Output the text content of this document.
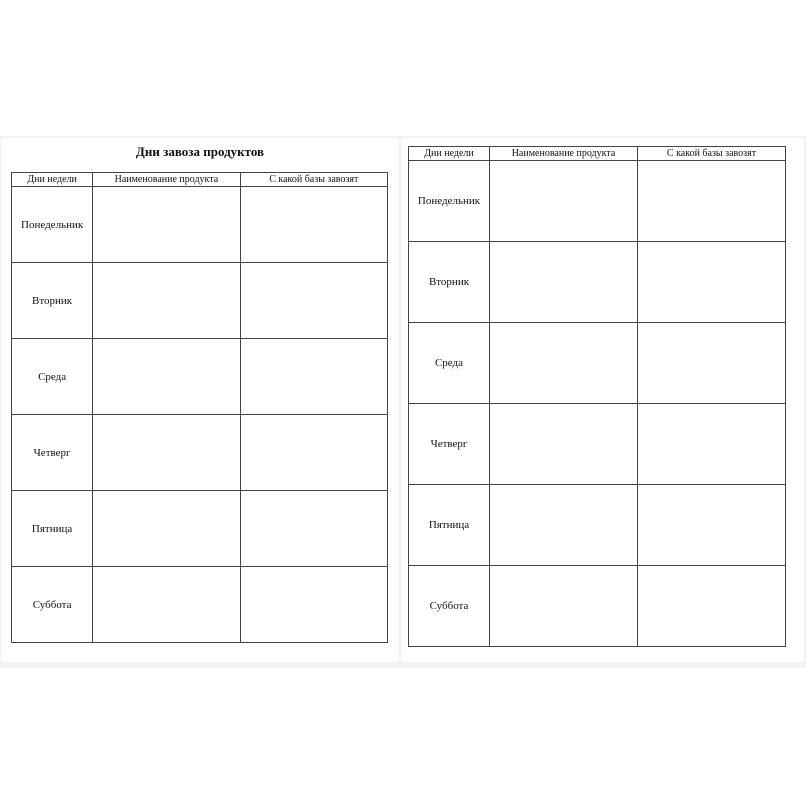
Дни завоза продуктов
Дни недели	Наименование продукта	С какой базы завозят
Понедельник		
Вторник		
Среда		
Четверг		
Пятница		
Суббота		
Дни недели	Наименование продукта	С какой базы завозят
Понедельник		
Вторник		
Среда		
Четверг		
Пятница		
Суббота		
